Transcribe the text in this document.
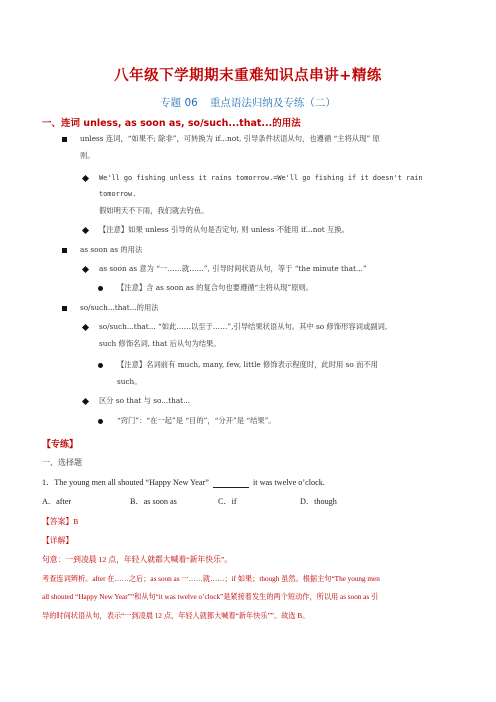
八年级下学期期末重难知识点串讲+精练
专题 06 重点语法归纳及专练（二）
一、连词 unless, as soon as, so/such...that...的用法
unless 连词，“如果不; 除非”，可转换为 if...not, 引导条件状语从句，也遵循 “主将从现” 原
则。
We'll go fishing unless it rains tomorrow.=We'll go fishing if it doesn't rain
tomorrow.
假如明天不下雨，我们就去钓鱼。
【注意】如果 unless 引导的从句是否定句, 则 unless 不能用 if...not 互换。
as soon as 的用法
as soon as 意为 “一……就……”, 引导时间状语从句，等于 “the minute that...”
【注意】含 as soon as 的复合句也要遵循“主将从现”原则。
so/such...that...的用法
so/such...that... “如此……以至于……”,引导结果状语从句。其中 so 修饰形容词或副词,
such 修饰名词, that 后从句为结果。
【注意】名词前有 much, many, few, little 修饰表示程度时，此时用 so 而不用
such。
区分 so that 与 so...that...
“窍门”：“在一起”是 “目的”，“分开”是 “结果”。
【专练】
一、选择题
1．The young men all shouted “Happy New Year”	it was twelve o’clock.
A．after	B．as soon as	C．if	D．though
【答案】B
【详解】
句意：一到凌晨 12 点，年轻人就都大喊着“新年快乐”。
考查连词辨析。after 在……之后；as soon as 一……就……；if 如果；though 虽然。根据主句“The young men
all shouted “Happy New Year””和从句“it was twelve o’clock”是紧接着发生的两个短动作，所以用 as soon as 引
导的时间状语从句，表示“一到凌晨 12 点，年轻人就都大喊着“新年快乐””。故选 B。
